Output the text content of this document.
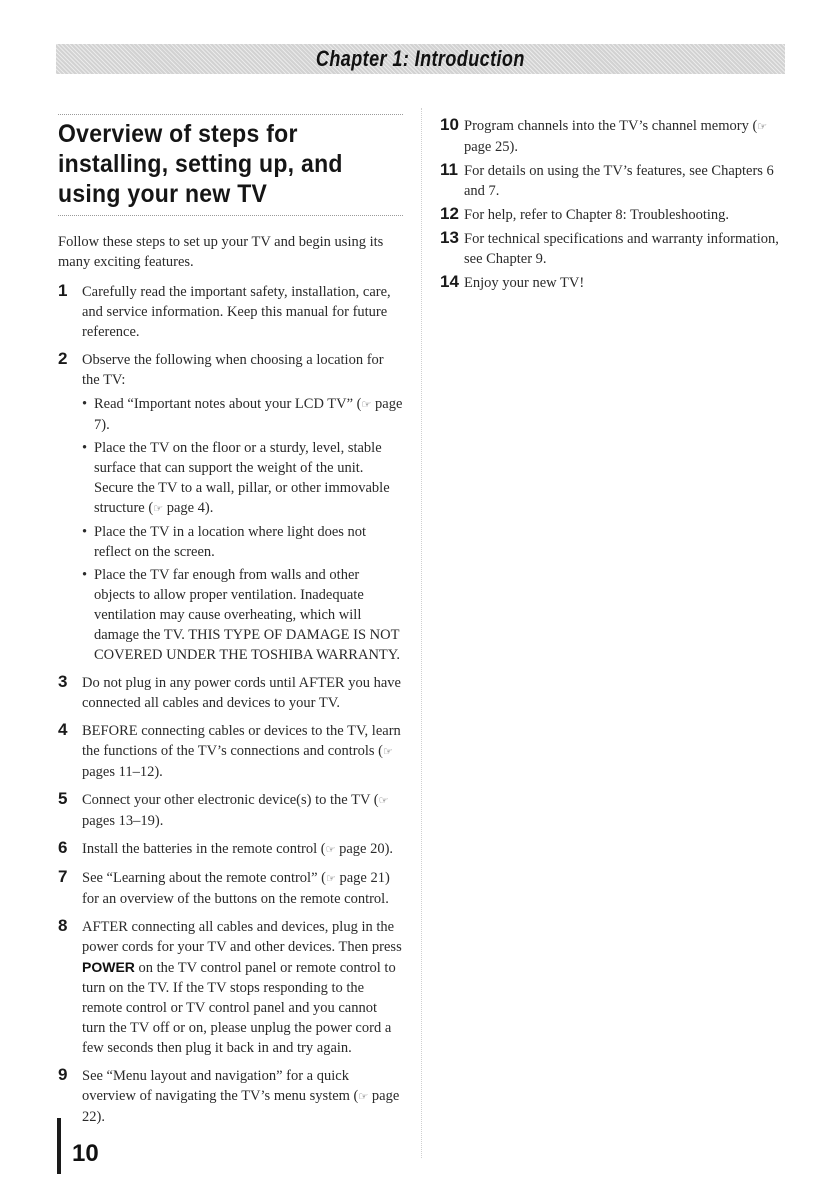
Chapter 1: Introduction
Overview of steps for installing, setting up, and using your new TV

Follow these steps to set up your TV and begin using its many exciting features.

1 Carefully read the important safety, installation, care, and service information. Keep this manual for future reference.
2 Observe the following when choosing a location for the TV:
• Read “Important notes about your LCD TV” (☞ page 7).
• Place the TV on the floor or a sturdy, level, stable surface that can support the weight of the unit. Secure the TV to a wall, pillar, or other immovable structure (☞ page 4).
• Place the TV in a location where light does not reflect on the screen.
• Place the TV far enough from walls and other objects to allow proper ventilation. Inadequate ventilation may cause overheating, which will damage the TV. THIS TYPE OF DAMAGE IS NOT COVERED UNDER THE TOSHIBA WARRANTY.
3 Do not plug in any power cords until AFTER you have connected all cables and devices to your TV.
4 BEFORE connecting cables or devices to the TV, learn the functions of the TV’s connections and controls (☞ pages 11–12).
5 Connect your other electronic device(s) to the TV (☞ pages 13–19).
6 Install the batteries in the remote control (☞ page 20).
7 See “Learning about the remote control” (☞ page 21) for an overview of the buttons on the remote control.
8 AFTER connecting all cables and devices, plug in the power cords for your TV and other devices. Then press POWER on the TV control panel or remote control to turn on the TV. If the TV stops responding to the remote control or TV control panel and you cannot turn the TV off or on, please unplug the power cord a few seconds then plug it back in and try again.
9 See “Menu layout and navigation” for a quick overview of navigating the TV’s menu system (☞ page 22).
10 Program channels into the TV’s channel memory (☞ page 25).
11 For details on using the TV’s features, see Chapters 6 and 7.
12 For help, refer to Chapter 8: Troubleshooting.
13 For technical specifications and warranty information, see Chapter 9.
14 Enjoy your new TV!
10
